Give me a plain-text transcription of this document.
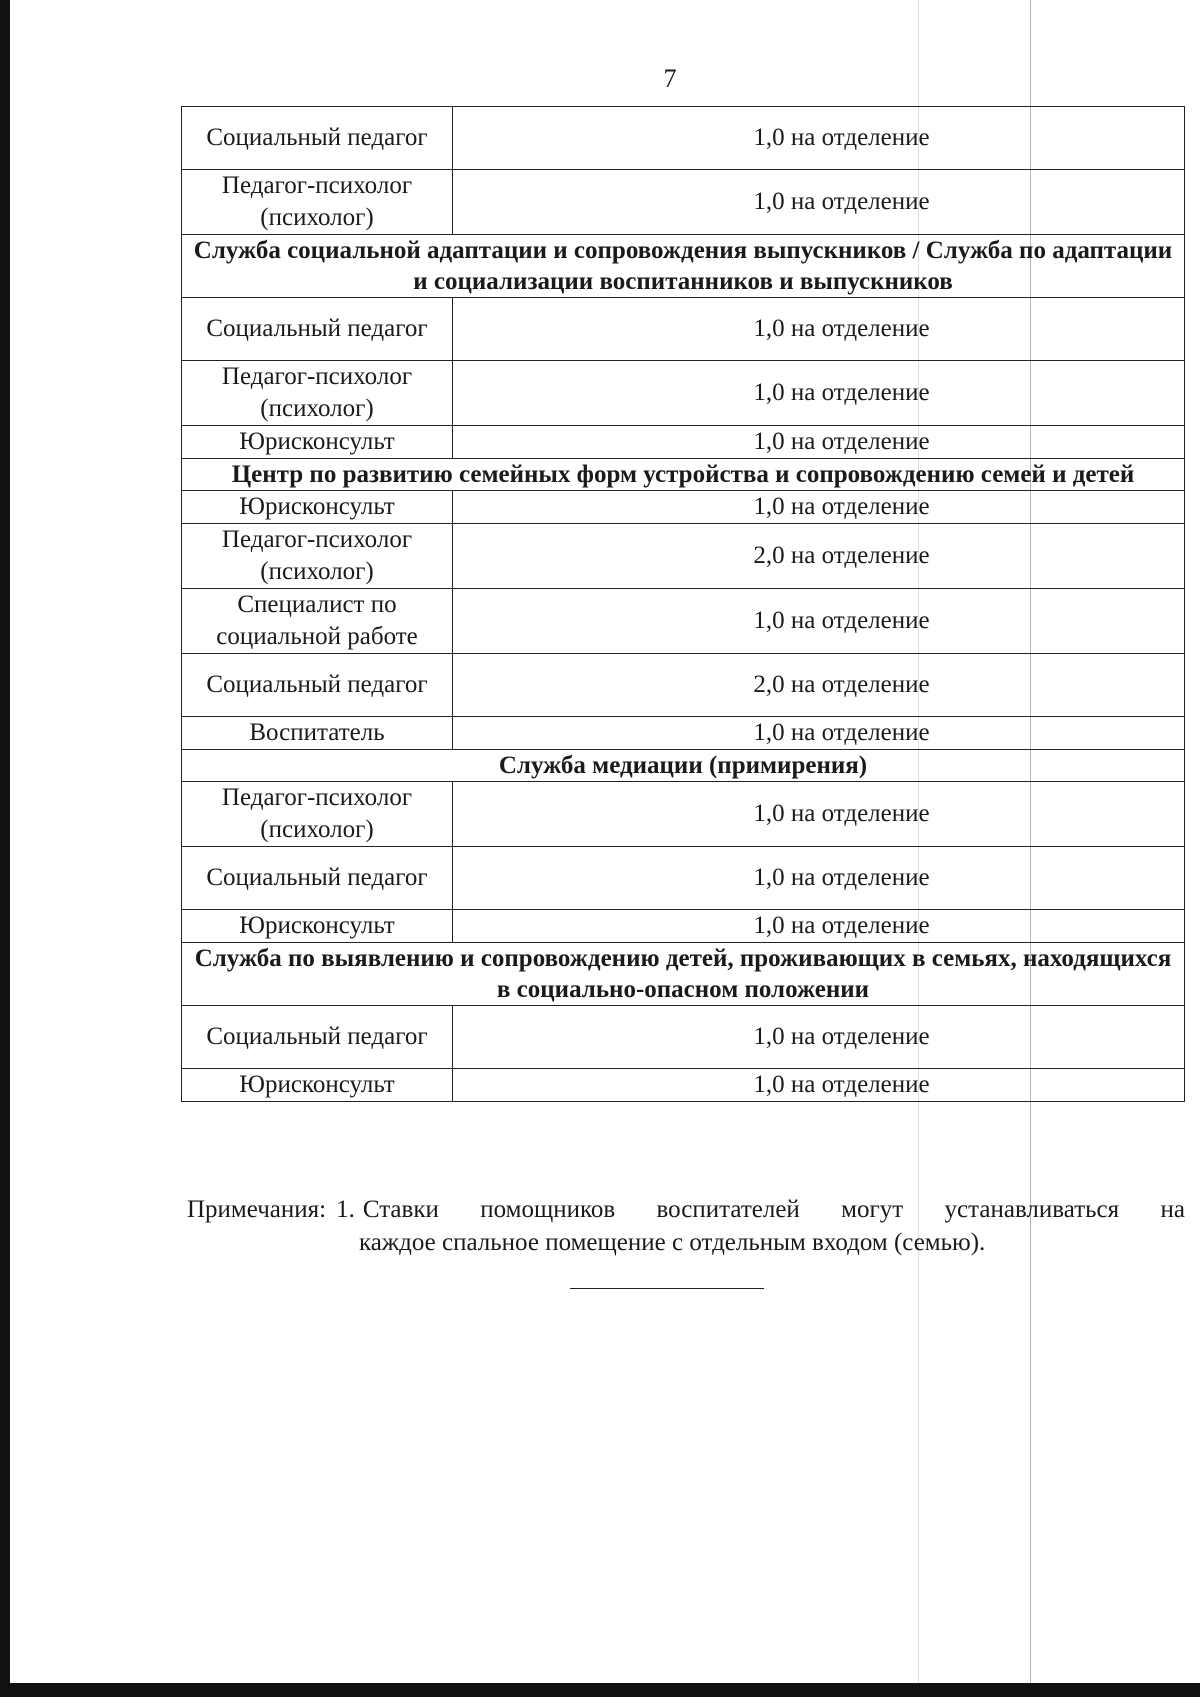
7
Социальный педагог	1,0 на отделение
Педагог-психолог (психолог)	1,0 на отделение
Служба социальной адаптации и сопровождения выпускников / Служба по адаптации и социализации воспитанников и выпускников	
Социальный педагог	1,0 на отделение
Педагог-психолог (психолог)	1,0 на отделение
Юрисконсульт	1,0 на отделение
Центр по развитию семейных форм устройства и сопровождению семей и детей	
Юрисконсульт	1,0 на отделение
Педагог-психолог (психолог)	2,0 на отделение
Специалист по социальной работе	1,0 на отделение
Социальный педагог	2,0 на отделение
Воспитатель	1,0 на отделение
Служба медиации (примирения)	
Педагог-психолог (психолог)	1,0 на отделение
Социальный педагог	1,0 на отделение
Юрисконсульт	1,0 на отделение
Служба по выявлению и сопровождению детей, проживающих в семьях, находящихся в социально-опасном положении	
Социальный педагог	1,0 на отделение
Юрисконсульт	1,0 на отделение
Примечания: 1. Ставки помощников воспитателей могут устанавливаться на
каждое спальное помещение с отдельным входом (семью).
